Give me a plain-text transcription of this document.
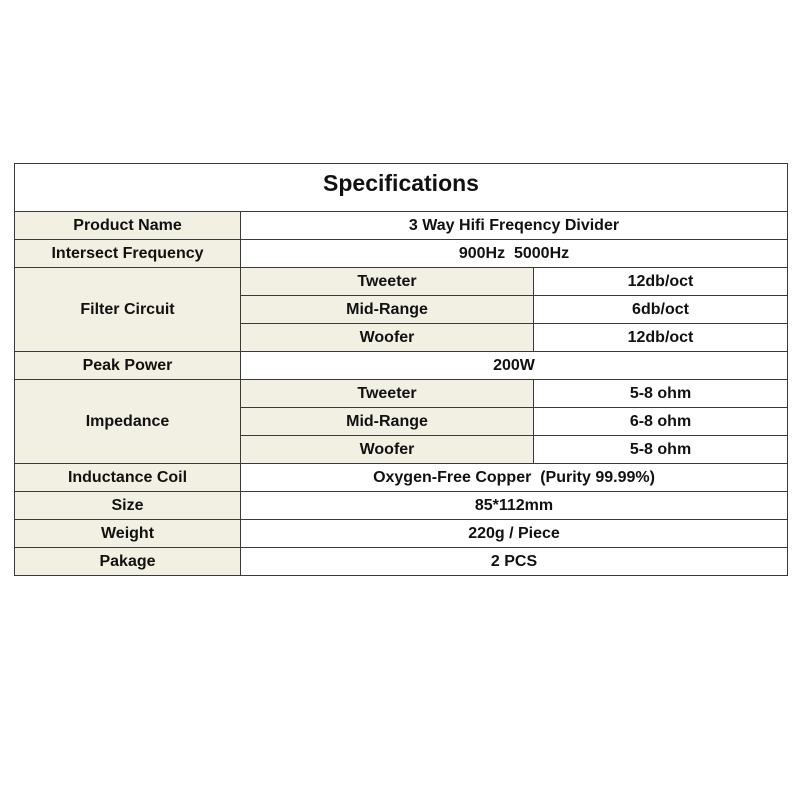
Specifications		

Product Name	3 Way Hifi Freqency Divider	
Intersect Frequency	900Hz  5000Hz	
Filter Circuit	Tweeter	12db/oct
	Mid-Range	6db/oct
	Woofer	12db/oct
Peak Power	200W	
Impedance	Tweeter	5-8 ohm
	Mid-Range	6-8 ohm
	Woofer	5-8 ohm
Inductance Coil	Oxygen-Free Copper  (Purity 99.99%)	
Size	85*112mm	
Weight	220g / Piece	
Pakage	2 PCS	
